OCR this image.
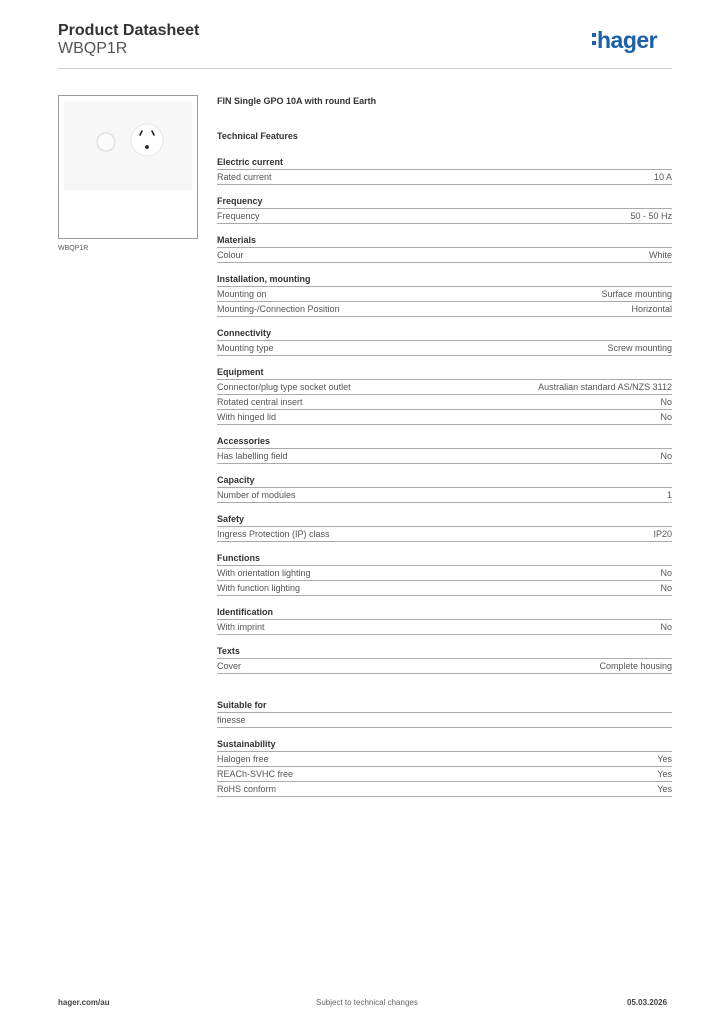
Product Datasheet
WBQP1R	hager
WBQP1R
FIN Single GPO 10A with round Earth
Technical Features
Electric current
Rated current	10 A
Frequency
Frequency	50 - 50 Hz
Materials
Colour	White
Installation, mounting
Mounting on	Surface mounting
Mounting-/Connection Position	Horizontal
Connectivity
Mounting type	Screw mounting
Equipment
Connector/plug type socket outlet	Australian standard AS/NZS 3112
Rotated central insert	No
With hinged lid	No
Accessories
Has labelling field	No
Capacity
Number of modules	1
Safety
Ingress Protection (IP) class	IP20
Functions
With orientation lighting	No
With function lighting	No
Identification
With imprint	No
Texts
Cover	Complete housing
Suitable for
finesse
Sustainability
Halogen free	Yes
REACh-SVHC free	Yes
RoHS conform	Yes
hager.com/au	Subject to technical changes	05.03.2026
